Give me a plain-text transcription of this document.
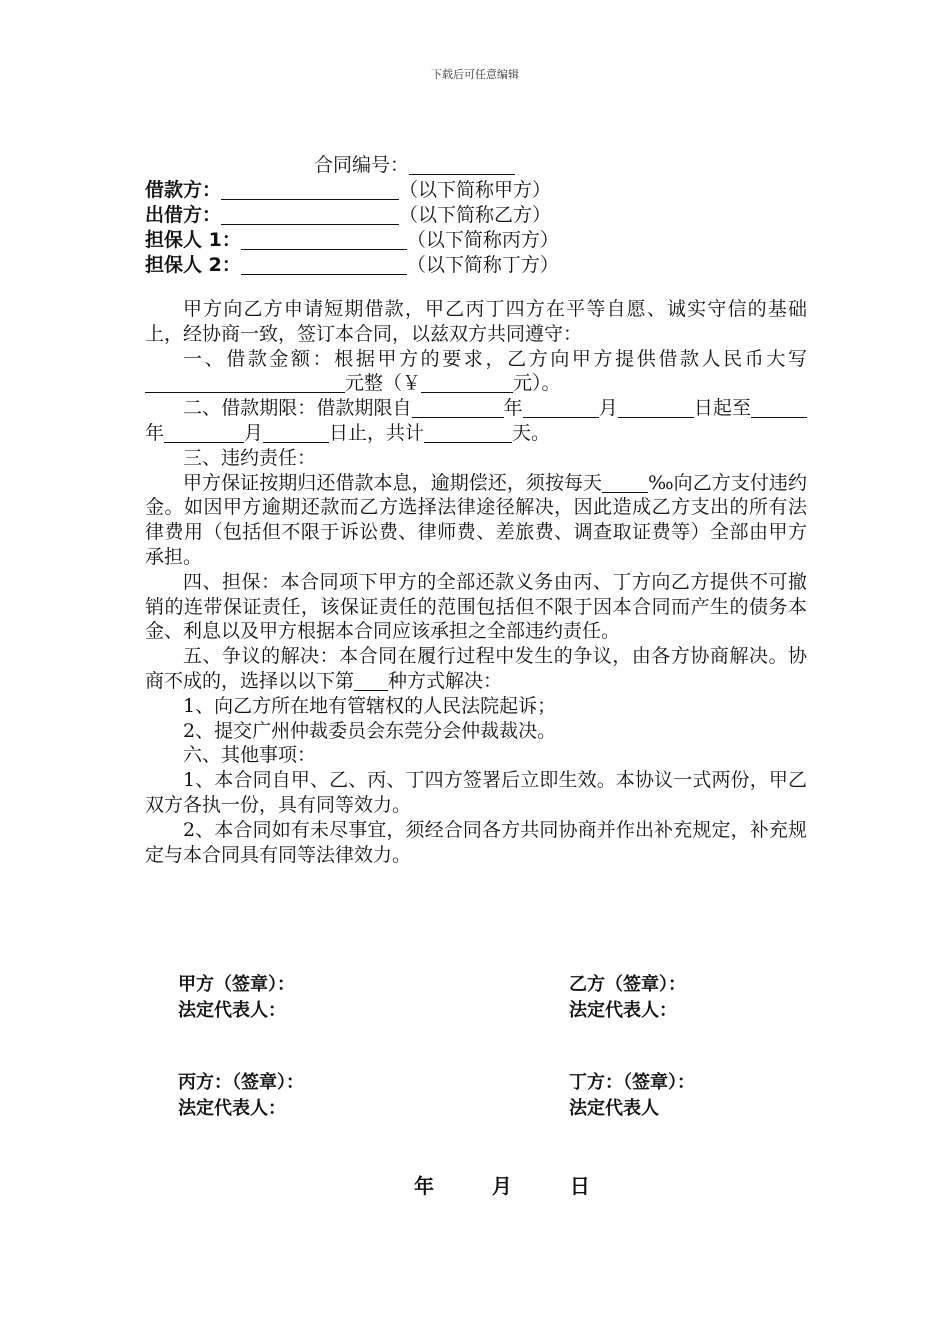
下载后可任意编辑
合同编号：
借款方：	（以下简称甲方）
出借方：	（以下简称乙方）
担保人 1：	（以下简称丙方）
担保人 2：	（以下简称丁方）

甲方向乙方申请短期借款，甲乙丙丁四方在平等自愿、诚实守信的基础上，经协商一致，签订本合同，以兹双方共同遵守：

一、借款金额：根据甲方的要求，乙方向甲方提供借款人民币大写元整（￥	元）。

二、借款期限：借款期限自	年	月	日起至年	月	日止，共计	天。

三、违约责任：

甲方保证按期归还借款本息，逾期偿还，须按每天 ‰向乙方支付违约金。如因甲方逾期还款而乙方选择法律途径解决，因此造成乙方支出的所有法律费用（包括但不限于诉讼费、律师费、差旅费、调查取证费等）全部由甲方承担。

四、担保：本合同项下甲方的全部还款义务由丙、丁方向乙方提供不可撤销的连带保证责任，该保证责任的范围包括但不限于因本合同而产生的债务本金、利息以及甲方根据本合同应该承担之全部违约责任。

五、争议的解决：本合同在履行过程中发生的争议，由各方协商解决。协商不成的，选择以以下第 种方式解决：

1、向乙方所在地有管辖权的人民法院起诉；

2、提交广州仲裁委员会东莞分会仲裁裁决。

六、其他事项：

1、本合同自甲、乙、丙、丁四方签署后立即生效。本协议一式两份，甲乙双方各执一份，具有同等效力。

2、本合同如有未尽事宜，须经合同各方共同协商并作出补充规定，补充规定与本合同具有同等法律效力。

甲方（签章）：
法定代表人：
乙方（签章）：
法定代表人：
丙方：（签章）：
法定代表人：
丁方：（签章）：
法定代表人
年  月  日
